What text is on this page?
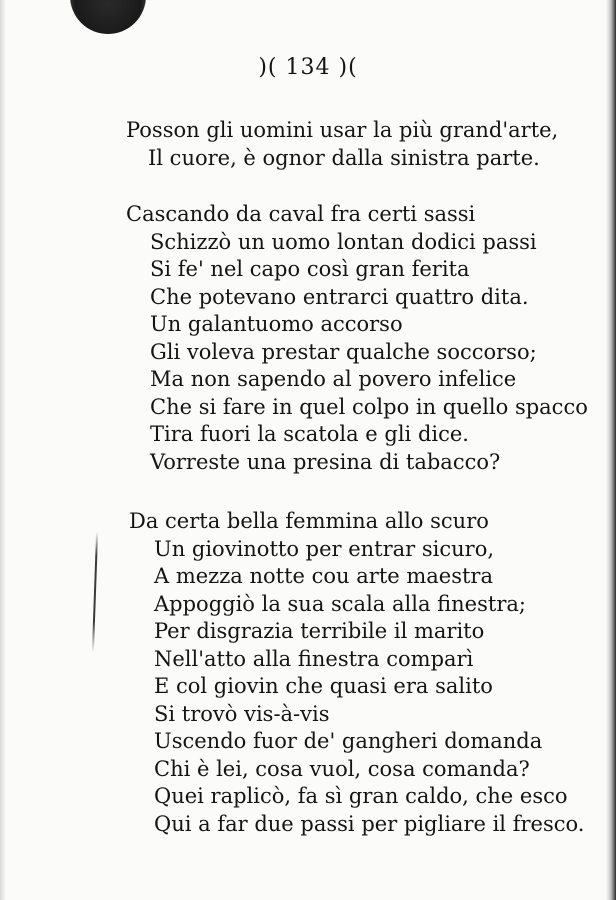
)( 134 )(
Posson gli uomini usar la più grand'arte,
Il cuore, è ognor dalla sinistra parte.
Cascando da caval fra certi sassi
Schizzò un uomo lontan dodici passi
Si fe' nel capo così gran ferita
Che potevano entrarci quattro dita.
Un galantuomo accorso
Gli voleva prestar qualche soccorso;
Ma non sapendo al povero infelice
Che si fare in quel colpo in quello spacco
Tira fuori la scatola e gli dice.
Vorreste una presina di tabacco?
Da certa bella femmina allo scuro
Un giovinotto per entrar sicuro,
A mezza notte cou arte maestra
Appoggiò la sua scala alla finestra;
Per disgrazia terribile il marito
Nell'atto alla finestra comparì
E col giovin che quasi era salito
Si trovò vis-à-vis
Uscendo fuor de' gangheri domanda
Chi è lei, cosa vuol, cosa comanda?
Quei raplicò, fa sì gran caldo, che esco
Qui a far due passi per pigliare il fresco.
